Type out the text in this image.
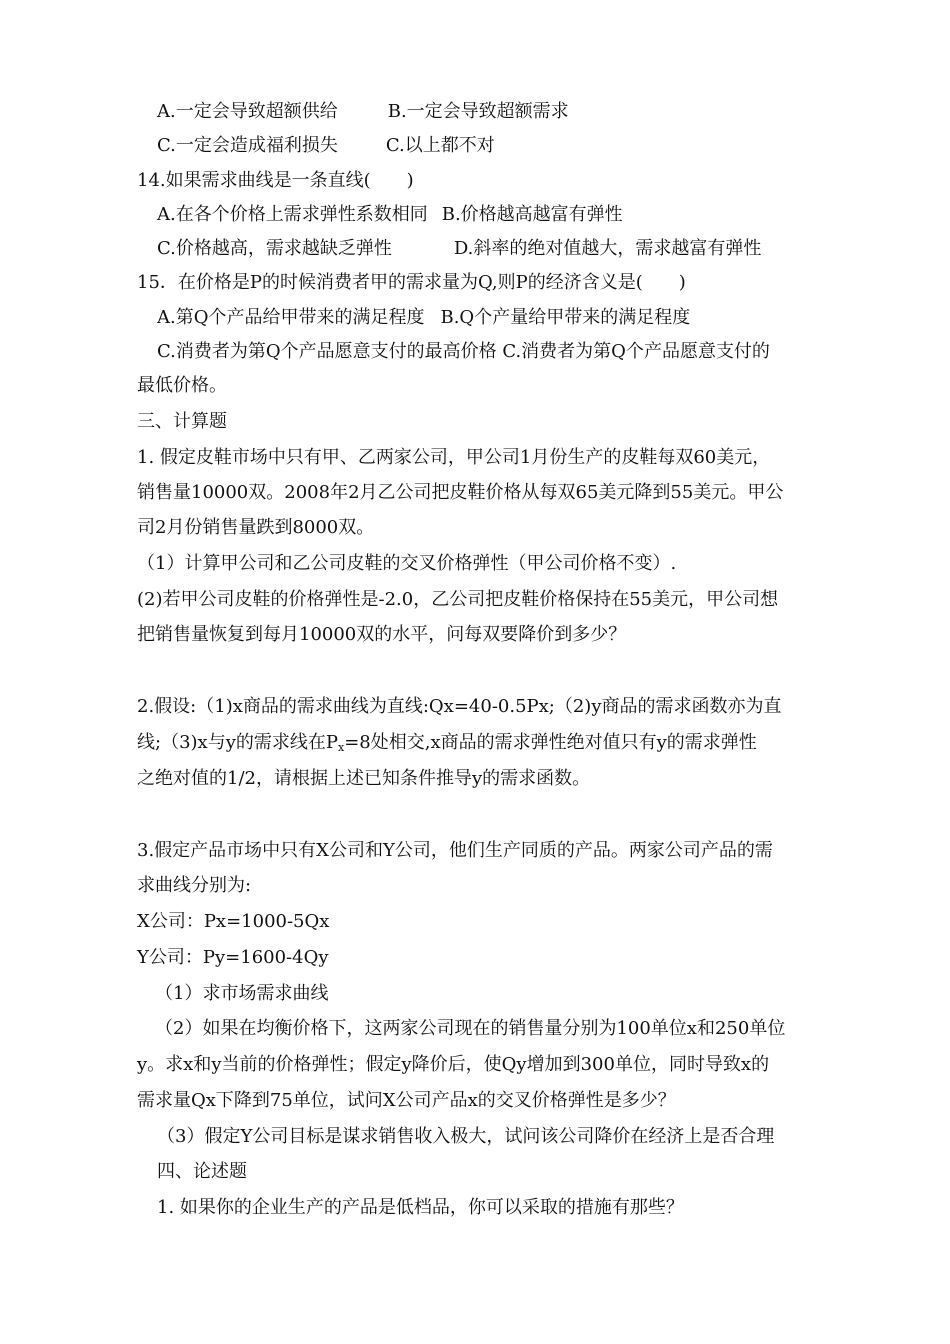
A.一定会导致超额供给	B.一定会导致超额需求
C.一定会造成福利损失	C.以上都不对
14.如果需求曲线是一条直线(　　)
A.在各个价格上需求弹性系数相同 B.价格越高越富有弹性
C.价格越高，需求越缺乏弹性	D.斜率的绝对值越大，需求越富有弹性
15．在价格是P的时候消费者甲的需求量为Q,则P的经济含义是(　　)
A.第Q个产品给甲带来的满足程度 B.Q个产量给甲带来的满足程度
C.消费者为第Q个产品愿意支付的最高价格 C.消费者为第Q个产品愿意支付的
最低价格。
三、计算题
1. 假定皮鞋市场中只有甲、乙两家公司，甲公司1月份生产的皮鞋每双60美元，
销售量10000双。2008年2月乙公司把皮鞋价格从每双65美元降到55美元。甲公
司2月份销售量跌到8000双。
（1）计算甲公司和乙公司皮鞋的交叉价格弹性（甲公司价格不变）.
(2)若甲公司皮鞋的价格弹性是-2.0，乙公司把皮鞋价格保持在55美元，甲公司想
把销售量恢复到每月10000双的水平，问每双要降价到多少？
2.假设:（1)x商品的需求曲线为直线:Qx=40-0.5Px;（2)y商品的需求函数亦为直
线;（3)x与y的需求线在$P_x=8$处相交,x商品的需求弹性绝对值只有y的需求弹性
之绝对值的1/2，请根据上述已知条件推导y的需求函数。
3.假定产品市场中只有X公司和Y公司，他们生产同质的产品。两家公司产品的需
求曲线分别为:
X公司：Px=1000-5Qx
Y公司：Py=1600-4Qy
（1）求市场需求曲线
（2）如果在均衡价格下，这两家公司现在的销售量分别为100单位x和250单位
y。求x和y当前的价格弹性；假定y降价后，使Qy增加到300单位，同时导致x的
需求量Qx下降到75单位，试问X公司产品x的交叉价格弹性是多少？
（3）假定Y公司目标是谋求销售收入极大，试问该公司降价在经济上是否合理
四、论述题
1. 如果你的企业生产的产品是低档品，你可以采取的措施有那些？
